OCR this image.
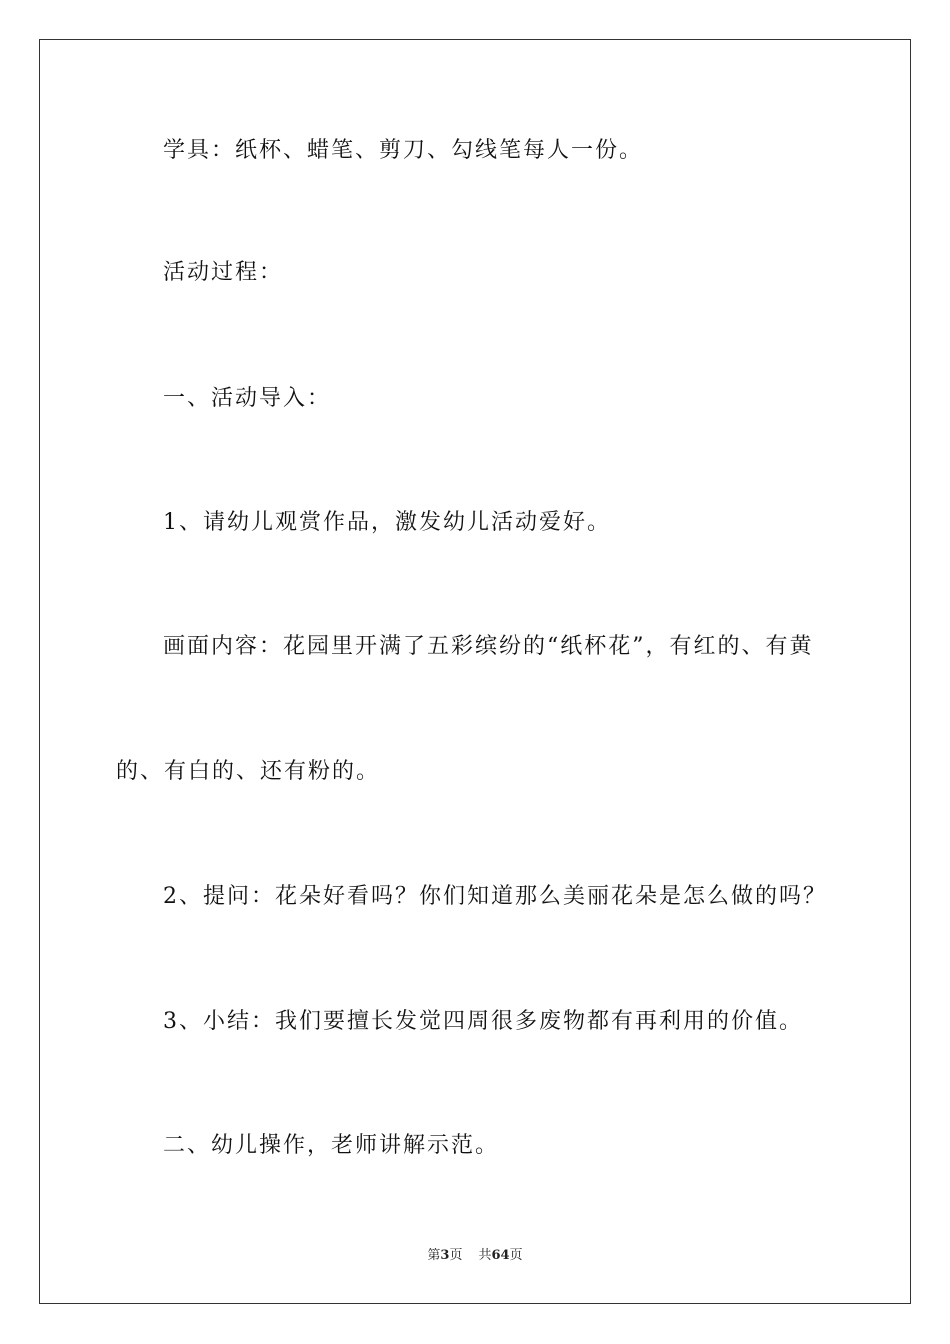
学具：纸杯、蜡笔、剪刀、勾线笔每人一份。

活动过程：

一、活动导入：

1、请幼儿观赏作品，激发幼儿活动爱好。

画面内容：花园里开满了五彩缤纷的“纸杯花”，有红的、有黄

的、有白的、还有粉的。

2、提问：花朵好看吗？你们知道那么美丽花朵是怎么做的吗？

3、小结：我们要擅长发觉四周很多废物都有再利用的价值。

二、幼儿操作，老师讲解示范。

第3页 共64页
